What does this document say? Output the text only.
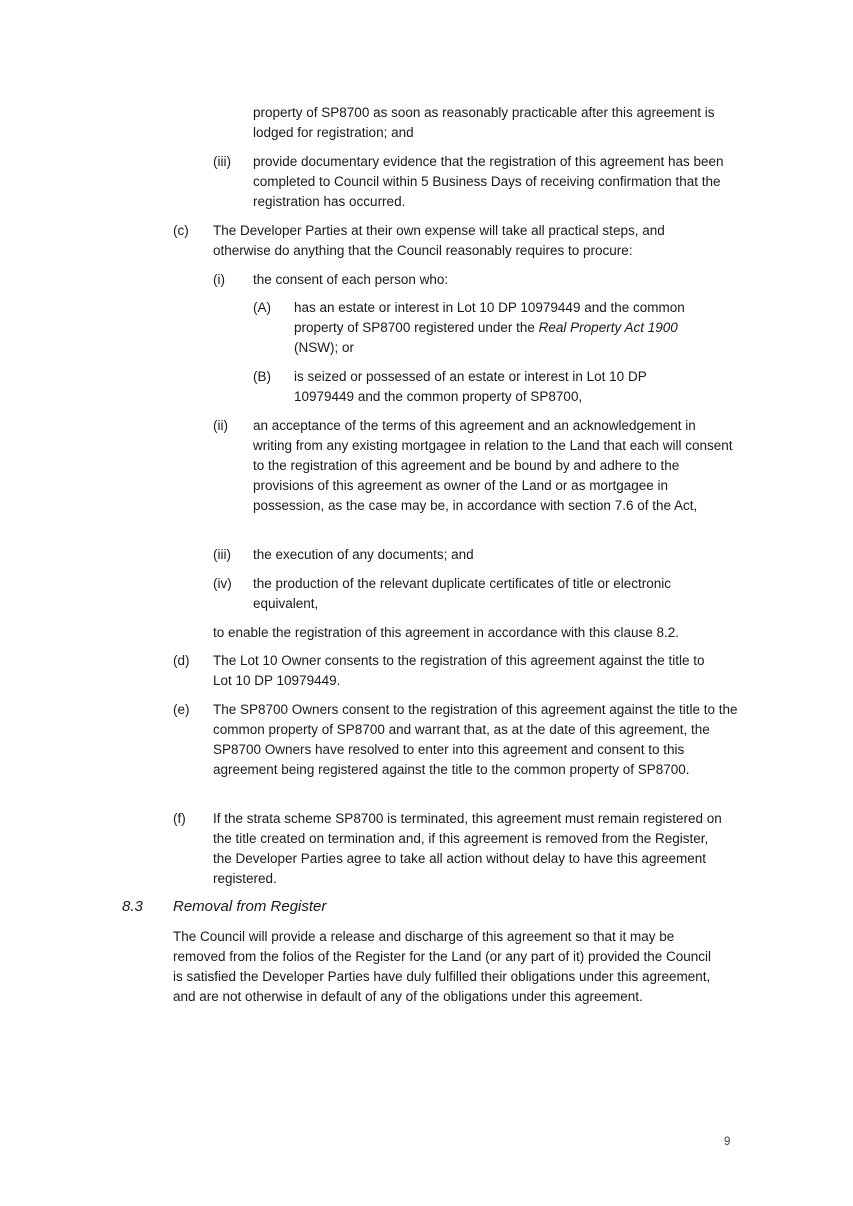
property of SP8700 as soon as reasonably practicable after this agreement is lodged for registration; and

(iii) provide documentary evidence that the registration of this agreement has been completed to Council within 5 Business Days of receiving confirmation that the registration has occurred.

(c) The Developer Parties at their own expense will take all practical steps, and otherwise do anything that the Council reasonably requires to procure:

(i) the consent of each person who:

(A) has an estate or interest in Lot 10 DP 10979449 and the common property of SP8700 registered under the Real Property Act 1900 (NSW); or

(B) is seized or possessed of an estate or interest in Lot 10 DP 10979449 and the common property of SP8700,

(ii) an acceptance of the terms of this agreement and an acknowledgement in writing from any existing mortgagee in relation to the Land that each will consent to the registration of this agreement and be bound by and adhere to the provisions of this agreement as owner of the Land or as mortgagee in possession, as the case may be, in accordance with section 7.6 of the Act,

(iii) the execution of any documents; and

(iv) the production of the relevant duplicate certificates of title or electronic equivalent,

to enable the registration of this agreement in accordance with this clause 8.2.

(d) The Lot 10 Owner consents to the registration of this agreement against the title to Lot 10 DP 10979449.

(e) The SP8700 Owners consent to the registration of this agreement against the title to the common property of SP8700 and warrant that, as at the date of this agreement, the SP8700 Owners have resolved to enter into this agreement and consent to this agreement being registered against the title to the common property of SP8700.

(f) If the strata scheme SP8700 is terminated, this agreement must remain registered on the title created on termination and, if this agreement is removed from the Register, the Developer Parties agree to take all action without delay to have this agreement registered.

8.3 Removal from Register

The Council will provide a release and discharge of this agreement so that it may be removed from the folios of the Register for the Land (or any part of it) provided the Council is satisfied the Developer Parties have duly fulfilled their obligations under this agreement, and are not otherwise in default of any of the obligations under this agreement.

9
